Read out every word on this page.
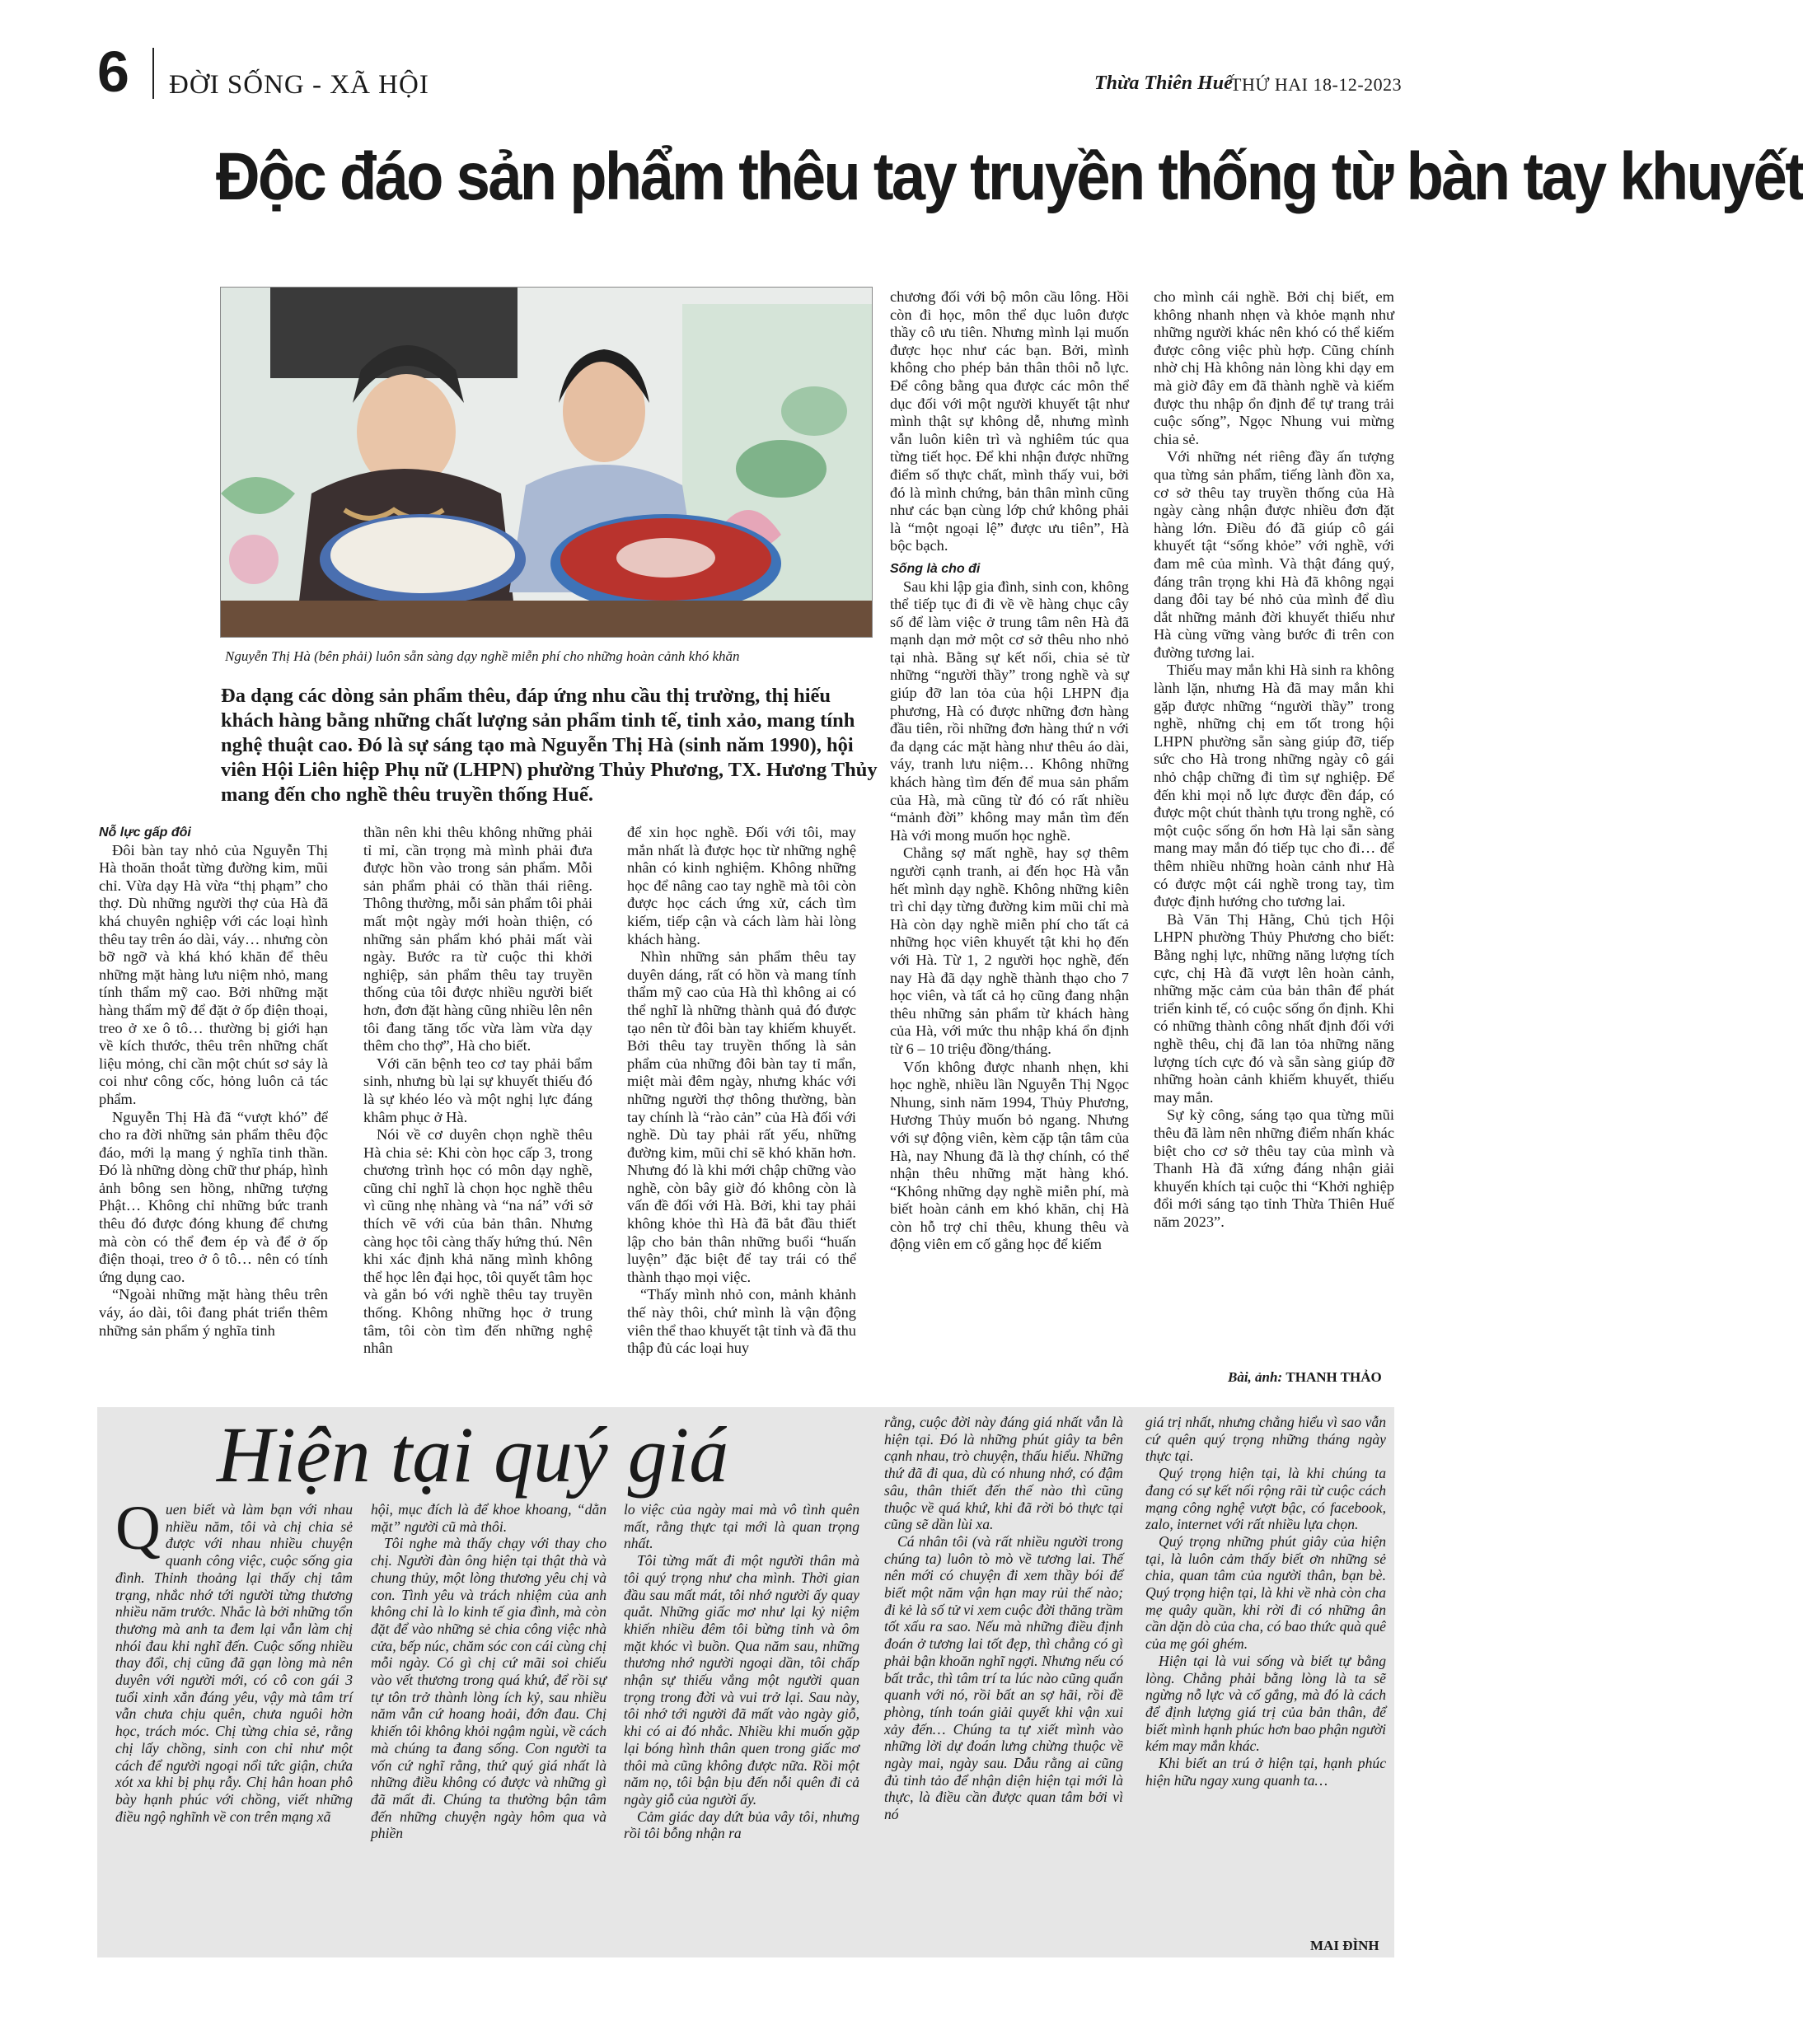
6 ĐỜI SỐNG - XÃ HỘI	Thừa Thiên Huế
THỨ HAI 18-12-2023
Độc đáo sản phẩm thêu tay truyền thống từ bàn tay khuyết
Nguyễn Thị Hà (bên phải) luôn sẵn sàng dạy nghề miễn phí cho những hoàn cảnh khó khăn
Đa dạng các dòng sản phẩm thêu, đáp ứng nhu cầu thị trường, thị hiếu khách hàng bằng những chất lượng sản phẩm tinh tế, tinh xảo, mang tính nghệ thuật cao. Đó là sự sáng tạo mà Nguyễn Thị Hà (sinh năm 1990), hội viên Hội Liên hiệp Phụ nữ (LHPN) phường Thủy Phương, TX. Hương Thủy mang đến cho nghề thêu truyền thống Huế.

Nỗ lực gấp đôi

Đôi bàn tay nhỏ của Nguyễn Thị Hà thoăn thoắt từng đường kim, mũi chỉ. Vừa dạy Hà vừa “thị phạm” cho thợ. Dù những người thợ của Hà đã khá chuyên nghiệp với các loại hình thêu tay trên áo dài, váy… nhưng còn bỡ ngỡ và khá khó khăn để thêu những mặt hàng lưu niệm nhỏ, mang tính thẩm mỹ cao. Bởi những mặt hàng thẩm mỹ để đặt ở ốp điện thoại, treo ở xe ô tô… thường bị giới hạn về kích thước, thêu trên những chất liệu mỏng, chỉ cần một chút sơ sảy là coi như công cốc, hỏng luôn cả tác phẩm.

Nguyễn Thị Hà đã “vượt khó” để cho ra đời những sản phẩm thêu độc đáo, mới lạ mang ý nghĩa tinh thần. Đó là những dòng chữ thư pháp, hình ảnh bông sen hồng, những tượng Phật… Không chỉ những bức tranh thêu đó được đóng khung để chưng mà còn có thể đem ép và để ở ốp điện thoại, treo ở ô tô… nên có tính ứng dụng cao.

“Ngoài những mặt hàng thêu trên váy, áo dài, tôi đang phát triển thêm những sản phẩm ý nghĩa tinh

thần nên khi thêu không những phải tỉ mỉ, cần trọng mà mình phải đưa được hồn vào trong sản phẩm. Mỗi sản phẩm phải có thần thái riêng. Thông thường, mỗi sản phẩm tôi phải mất một ngày mới hoàn thiện, có những sản phẩm khó phải mất vài ngày. Bước ra từ cuộc thi khởi nghiệp, sản phẩm thêu tay truyền thống của tôi được nhiều người biết hơn, đơn đặt hàng cũng nhiều lên nên tôi đang tăng tốc vừa làm vừa dạy thêm cho thợ”, Hà cho biết.

Với căn bệnh teo cơ tay phải bẩm sinh, nhưng bù lại sự khuyết thiếu đó là sự khéo léo và một nghị lực đáng khâm phục ở Hà.

Nói về cơ duyên chọn nghề thêu Hà chia sẻ: Khi còn học cấp 3, trong chương trình học có môn dạy nghề, cũng chỉ nghĩ là chọn học nghề thêu vì cũng nhẹ nhàng và “na ná” với sở thích vẽ với của bản thân. Nhưng càng học tôi càng thấy hứng thú. Nên khi xác định khả năng mình không thể học lên đại học, tôi quyết tâm học và gắn bó với nghề thêu tay truyền thống. Không những học ở trung tâm, tôi còn tìm đến những nghệ nhân

để xin học nghề. Đối với tôi, may mắn nhất là được học từ những nghệ nhân có kinh nghiệm. Không những học để nâng cao tay nghề mà tôi còn được học cách ứng xử, cách tìm kiếm, tiếp cận và cách làm hài lòng khách hàng.

Nhìn những sản phẩm thêu tay duyên dáng, rất có hồn và mang tính thẩm mỹ cao của Hà thì không ai có thể nghĩ là những thành quả đó được tạo nên từ đôi bàn tay khiếm khuyết. Bởi thêu tay truyền thống là sản phẩm của những đôi bàn tay tỉ mẩn, miệt mài đêm ngày, nhưng khác với những người thợ thông thường, bàn tay chính là “rào cản” của Hà đối với nghề. Dù tay phải rất yếu, những đường kim, mũi chỉ sẽ khó khăn hơn. Nhưng đó là khi mới chập chững vào nghề, còn bây giờ đó không còn là vấn đề đối với Hà. Bởi, khi tay phải không khỏe thì Hà đã bắt đầu thiết lập cho bản thân những buổi “huấn luyện” đặc biệt để tay trái có thể thành thạo mọi việc.

“Thấy mình nhỏ con, mảnh khảnh thế này thôi, chứ mình là vận động viên thể thao khuyết tật tỉnh và đã thu thập đủ các loại huy

chương đối với bộ môn cầu lông. Hồi còn đi học, môn thể dục luôn được thầy cô ưu tiên. Nhưng mình lại muốn được học như các bạn. Bởi, mình không cho phép bản thân thôi nỗ lực. Để công bằng qua được các môn thể dục đối với một người khuyết tật như mình thật sự không dễ, nhưng mình vẫn luôn kiên trì và nghiêm túc qua từng tiết học. Để khi nhận được những điểm số thực chất, mình thấy vui, bởi đó là mình chứng, bản thân mình cũng như các bạn cùng lớp chứ không phải là “một ngoại lệ” được ưu tiên”, Hà bộc bạch.

Sống là cho đi

Sau khi lập gia đình, sinh con, không thể tiếp tục đi đi về về hàng chục cây số để làm việc ở trung tâm nên Hà đã mạnh dạn mở một cơ sở thêu nho nhỏ tại nhà. Bằng sự kết nối, chia sẻ từ những “người thầy” trong nghề và sự giúp đỡ lan tỏa của hội LHPN địa phương, Hà có được những đơn hàng đầu tiên, rồi những đơn hàng thứ n với đa dạng các mặt hàng như thêu áo dài, váy, tranh lưu niệm… Không những khách hàng tìm đến để mua sản phẩm của Hà, mà cũng từ đó có rất nhiều “mảnh đời” không may mắn tìm đến Hà với mong muốn học nghề.

Chẳng sợ mất nghề, hay sợ thêm người cạnh tranh, ai đến học Hà vẫn hết mình dạy nghề. Không những kiên trì chỉ dạy từng đường kim mũi chỉ mà Hà còn dạy nghề miễn phí cho tất cả những học viên khuyết tật khi họ đến với Hà. Từ 1, 2 người học nghề, đến nay Hà đã dạy nghề thành thạo cho 7 học viên, và tất cả họ cũng đang nhận thêu những sản phẩm từ khách hàng của Hà, với mức thu nhập khá ổn định từ 6 – 10 triệu đồng/tháng.

Vốn không được nhanh nhẹn, khi học nghề, nhiều lần Nguyễn Thị Ngọc Nhung, sinh năm 1994, Thủy Phương, Hương Thủy muốn bỏ ngang. Nhưng với sự động viên, kèm cặp tận tâm của Hà, nay Nhung đã là thợ chính, có thể nhận thêu những mặt hàng khó. “Không những dạy nghề miễn phí, mà biết hoàn cảnh em khó khăn, chị Hà còn hỗ trợ chỉ thêu, khung thêu và động viên em cố gắng học để kiếm

cho mình cái nghề. Bởi chị biết, em không nhanh nhẹn và khỏe mạnh như những người khác nên khó có thể kiếm được công việc phù hợp. Cũng chính nhờ chị Hà không nản lòng khi dạy em mà giờ đây em đã thành nghề và kiếm được thu nhập ổn định để tự trang trải cuộc sống”, Ngọc Nhung vui mừng chia sẻ.

Với những nét riêng đầy ấn tượng qua từng sản phẩm, tiếng lành đồn xa, cơ sở thêu tay truyền thống của Hà ngày càng nhận được nhiều đơn đặt hàng lớn. Điều đó đã giúp cô gái khuyết tật “sống khỏe” với nghề, với đam mê của mình. Và thật đáng quý, đáng trân trọng khi Hà đã không ngại dang đôi tay bé nhỏ của mình để dìu dắt những mảnh đời khuyết thiếu như Hà cùng vững vàng bước đi trên con đường tương lai.

Thiếu may mắn khi Hà sinh ra không lành lặn, nhưng Hà đã may mắn khi gặp được những “người thầy” trong nghề, những chị em tốt trong hội LHPN phường sẵn sàng giúp đỡ, tiếp sức cho Hà trong những ngày cô gái nhỏ chập chững đi tìm sự nghiệp. Để đến khi mọi nỗ lực được đền đáp, có được một chút thành tựu trong nghề, có một cuộc sống ổn hơn Hà lại sẵn sàng mang may mắn đó tiếp tục cho đi… để thêm nhiều những hoàn cảnh như Hà có được một cái nghề trong tay, tìm được định hướng cho tương lai.

Bà Văn Thị Hằng, Chủ tịch Hội LHPN phường Thủy Phương cho biết: Bằng nghị lực, những năng lượng tích cực, chị Hà đã vượt lên hoàn cảnh, những mặc cảm của bản thân để phát triển kinh tế, có cuộc sống ổn định. Khi có những thành công nhất định đối với nghề thêu, chị đã lan tỏa những năng lượng tích cực đó và sẵn sàng giúp đỡ những hoàn cảnh khiếm khuyết, thiếu may mắn.

Sự kỳ công, sáng tạo qua từng mũi thêu đã làm nên những điểm nhấn khác biệt cho cơ sở thêu tay của mình và Thanh Hà đã xứng đáng nhận giải khuyến khích tại cuộc thi “Khởi nghiệp đổi mới sáng tạo tỉnh Thừa Thiên Huế năm 2023”.

Bài, ảnh: THANH THẢO
Hiện tại quý giá

Quen biết và làm bạn với nhau nhiều năm, tôi và chị chia sẻ được với nhau nhiều chuyện quanh công việc, cuộc sống gia đình. Thỉnh thoảng lại thấy chị tâm trạng, nhắc nhớ tới người từng thương nhiều năm trước. Nhắc là bởi những tổn thương mà anh ta đem lại vẫn làm chị nhói đau khi nghĩ đến. Cuộc sống nhiều thay đổi, chị cũng đã gạn lòng mà nên duyên với người mới, có cô con gái 3 tuổi xinh xắn đáng yêu, vậy mà tâm trí vẫn chưa chịu quên, chưa nguôi hờn học, trách móc. Chị từng chia sẻ, rằng chị lấy chồng, sinh con chỉ như một cách để người ngoại nổi tức giận, chứa xót xa khi bị phụ rẫy. Chị hân hoan phô bày hạnh phúc với chồng, viết những điều ngộ nghĩnh về con trên mạng xã

hội, mục đích là để khoe khoang, “dằn mặt” người cũ mà thôi.

Tôi nghe mà thấy chạy với thay cho chị. Người đàn ông hiện tại thật thà và chung thủy, một lòng thương yêu chị và con. Tình yêu và trách nhiệm của anh không chỉ là lo kinh tế gia đình, mà còn đặt để vào những sẻ chia công việc nhà cửa, bếp núc, chăm sóc con cái cùng chị mỗi ngày. Có gì chị cứ mãi soi chiếu vào vết thương trong quá khứ, để rồi sự tự tôn trở thành lòng ích kỷ, sau nhiều năm vẫn cứ hoang hoải, đớn đau. Chị khiến tôi không khỏi ngậm ngùi, về cách mà chúng ta đang sống. Con người ta vốn cứ nghĩ rằng, thứ quý giá nhất là những điều không có được và những gì đã mất đi. Chúng ta thường bận tâm đến những chuyện ngày hôm qua và phiền

lo việc của ngày mai mà vô tình quên mất, rằng thực tại mới là quan trọng nhất.

Tôi từng mất đi một người thân mà tôi quý trọng như cha mình. Thời gian đầu sau mất mát, tôi nhớ người ấy quay quắt. Những giấc mơ như lại kỷ niệm khiến nhiều đêm tôi bừng tỉnh và ôm mặt khóc vì buồn. Qua năm sau, những thương nhớ người ngoại dần, tôi chấp nhận sự thiếu vắng một người quan trọng trong đời và vui trở lại. Sau này, tôi nhớ tới người đã mất vào ngày giỗ, khi có ai đó nhắc. Nhiều khi muốn gặp lại bóng hình thân quen trong giấc mơ thôi mà cũng không được nữa. Rồi một năm nọ, tôi bận bịu đến nỗi quên đi cả ngày giỗ của người ấy.

Cảm giác day dứt bủa vây tôi, nhưng rồi tôi bỗng nhận ra

rằng, cuộc đời này đáng giá nhất vẫn là hiện tại. Đó là những phút giây ta bên cạnh nhau, trò chuyện, thấu hiểu. Những thứ đã đi qua, dù có nhung nhớ, có đậm sâu, thân thiết đến thế nào thì cũng thuộc về quá khứ, khi đã rời bỏ thực tại cũng sẽ dần lùi xa.

Cá nhân tôi (và rất nhiều người trong chúng ta) luôn tò mò về tương lai. Thế nên mới có chuyện đi xem thầy bói để biết một năm vận hạn may rủi thế nào; đi kẻ là số tử vi xem cuộc đời thăng trầm tốt xấu ra sao. Nếu mà những điều định đoán ở tương lai tốt đẹp, thì chẳng có gì phải bận khoăn nghĩ ngợi. Nhưng nếu có bất trắc, thì tâm trí ta lúc nào cũng quẩn quanh với nó, rồi bất an sợ hãi, rồi đề phòng, tính toán giải quyết khi vận xui xảy đến… Chúng ta tự xiết mình vào những lời dự đoán lưng chừng thuộc về ngày mai, ngày sau. Dẫu rằng ai cũng đủ tinh tảo để nhận diện hiện tại mới là thực, là điều cần được quan tâm bởi vì nó

giá trị nhất, nhưng chẳng hiểu vì sao vẫn cứ quên quý trọng những tháng ngày thực tại.

Quý trọng hiện tại, là khi chúng ta đang có sự kết nối rộng rãi từ cuộc cách mạng công nghệ vượt bậc, có facebook, zalo, internet với rất nhiều lựa chọn.

Quý trọng những phút giây của hiện tại, là luôn cảm thấy biết ơn những sẻ chia, quan tâm của người thân, bạn bè. Quý trọng hiện tại, là khi về nhà còn cha mẹ quây quần, khi rời đi có những ân cần dặn dò của cha, có bao thức quà quê của mẹ gói ghém.

Hiện tại là vui sống và biết tự bằng lòng. Chẳng phải bằng lòng là ta sẽ ngừng nỗ lực và cố gắng, mà đó là cách để định lượng giá trị của bản thân, để biết mình hạnh phúc hơn bao phận người kém may mắn khác.

Khi biết an trú ở hiện tại, hạnh phúc hiện hữu ngay xung quanh ta…

MAI ĐÌNH
